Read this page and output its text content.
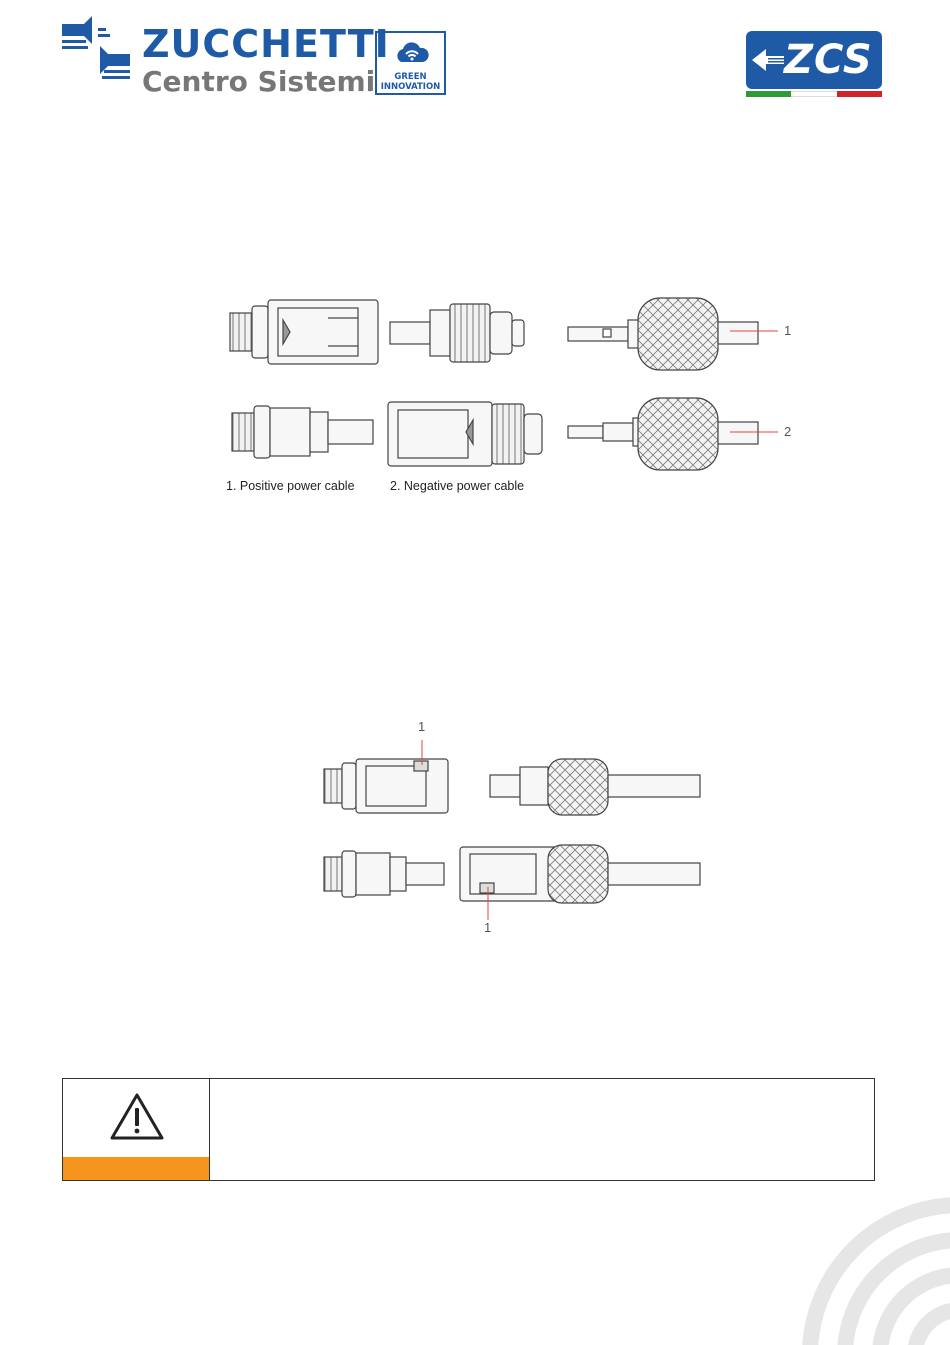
ZUCCHETTI
Centro Sistemi	GREEN
INNOVATION
ZCS
1
2
1. Positive power cable	2. Negative power cable
1
1
